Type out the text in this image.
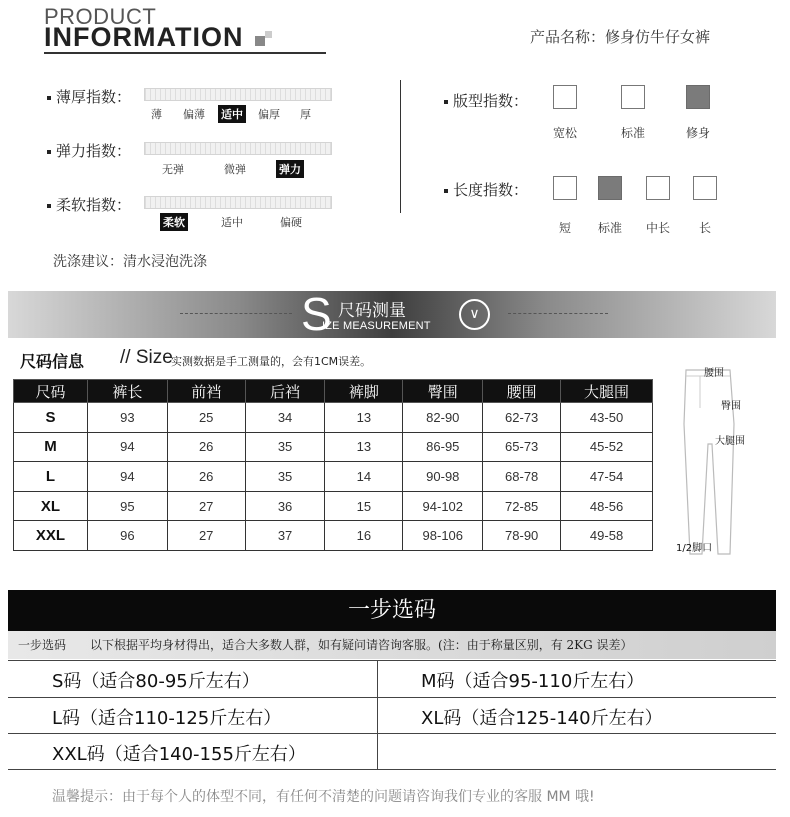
PRODUCT
INFORMATION	产品名称：修身仿牛仔女裤
薄厚指数：
薄 偏薄 适中 偏厚 厚
弹力指数：
无弹	微弹	弹力
柔软指数：
柔软	适中	偏硬
版型指数：
宽松	标准	修身
长度指数：
短	标准	中长	长
洗涤建议：清水浸泡洗涤
S 尺码测量
IZE MEASUREMENT
∨
尺码信息 // Size
实测数据是手工测量的，会有1CM误差。
尺码	裤长	前裆	后裆	裤脚	臀围	腰围	大腿围
S	93	25	34	13	82-90	62-73	43-50
M	94	26	35	13	86-95	65-73	45-52
L	94	26	35	14	90-98	68-78	47-54
XL	95	27	36	15	94-102	72-85	48-56
XXL	96	27	37	16	98-106	78-90	49-58
腰围
臀围
大腿围
1/2脚口
一步选码
一步选码 以下根据平均身材得出，适合大多数人群，如有疑问请咨询客服。(注：由于称量区别，有 2KG 误差）
S码（适合80-95斤左右）	M码（适合95-110斤左右）
L码（适合110-125斤左右）	XL码（适合125-140斤左右）
XXL码（适合140-155斤左右）
温馨提示：由于每个人的体型不同，有任何不清楚的问题请咨询我们专业的客服 MM 哦!
